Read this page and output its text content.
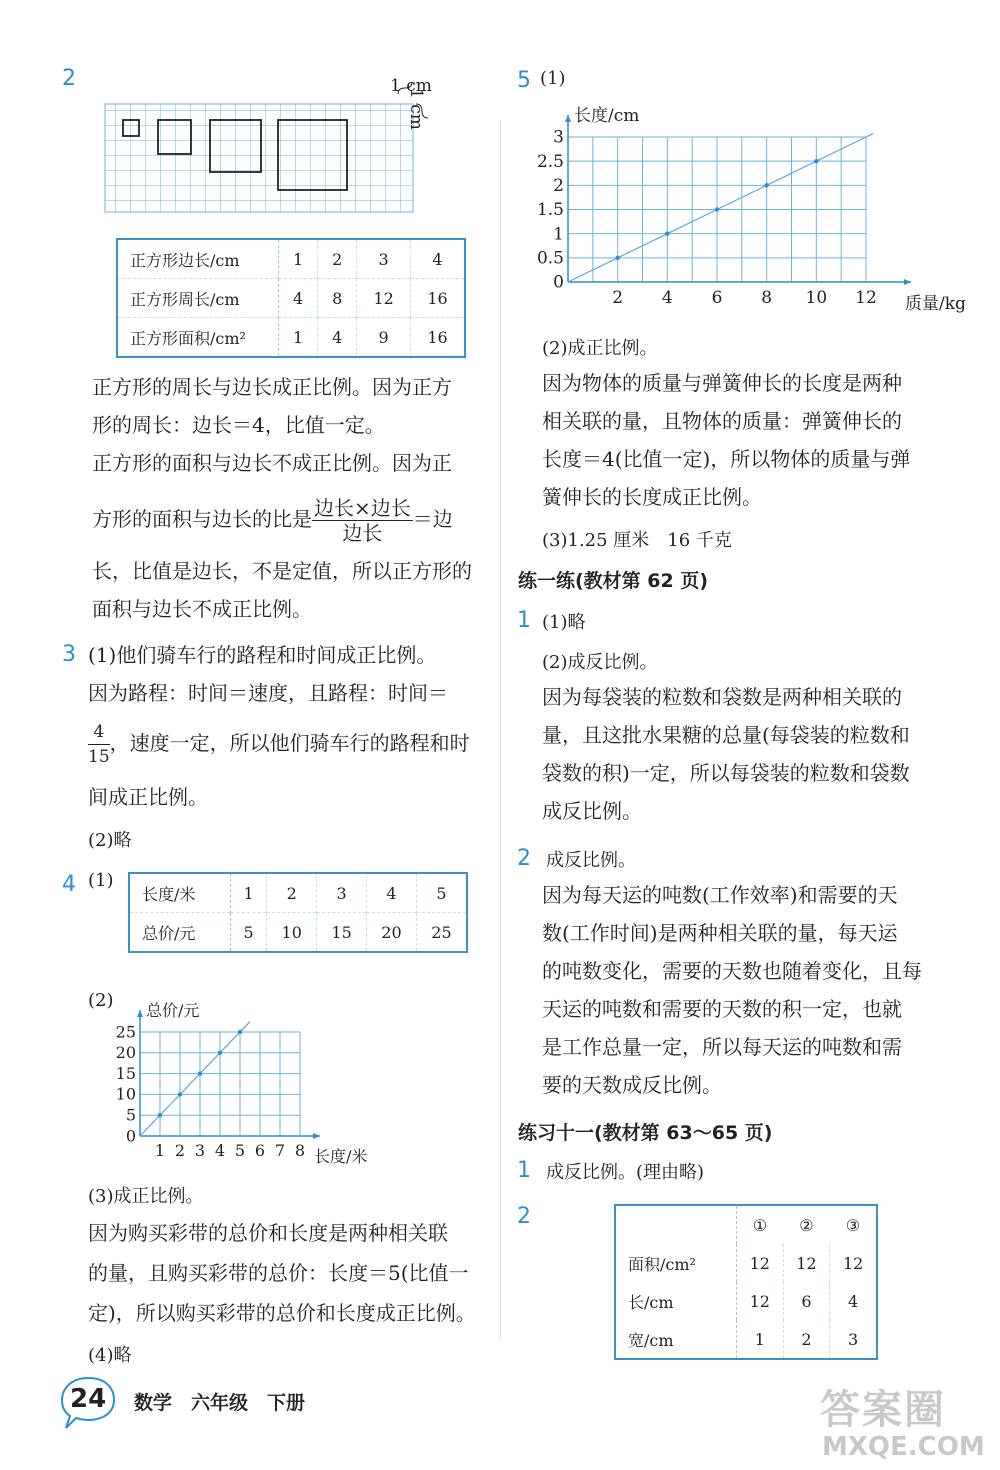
2	1 cm
1 cm
正方形边长/cm	1	2	3	4
正方形周长/cm	4	8	12	16
正方形面积/cm²	1	4	9	16
正方形的周长与边长成正比例。因为正方
形的周长：边长＝4，比值一定。
正方形的面积与边长不成正比例。因为正
方形的面积与边长的比是 $\frac{\text{边长×边长}}{\text{边长}}$ ＝边
长，比值是边长，不是定值，所以正方形的
面积与边长不成正比例。
3 (1)他们骑车行的路程和时间成正比例。
因为路程：时间＝速度，且路程：时间＝
$\frac{4}{15}$ ，速度一定，所以他们骑车行的路程和时
间成正比例。
(2)略
4 (1)
长度/米	1	2	3	4	5
总价/元	5	10	15	20	25
(2)
1 2 3 4 5 6 7 8
0
5
10
15
20
25
长度/米
总价/元
(3)成正比例。
因为购买彩带的总价和长度是两种相关联
的量，且购买彩带的总价：长度＝5(比值一
定)，所以购买彩带的总价和长度成正比例。
(4)略
5 (1)
2 4 6 8 10 12
0
0.5
1
1.5
2
2.5
3
质量/kg
长度/cm
(2)成正比例。
因为物体的质量与弹簧伸长的长度是两种
相关联的量，且物体的质量：弹簧伸长的
长度＝4(比值一定)，所以物体的质量与弹
簧伸长的长度成正比例。
(3)1.25 厘米　16 千克
练一练(教材第 62 页)
1 (1)略
(2)成反比例。
因为每袋装的粒数和袋数是两种相关联的
量，且这批水果糖的总量(每袋装的粒数和
袋数的积)一定，所以每袋装的粒数和袋数
成反比例。
2 成反比例。
因为每天运的吨数(工作效率)和需要的天
数(工作时间)是两种相关联的量，每天运
的吨数变化，需要的天数也随着变化，且每
天运的吨数和需要的天数的积一定，也就
是工作总量一定，所以每天运的吨数和需
要的天数成反比例。
练习十一(教材第 63～65 页)
1 成反比例。(理由略)
2
		①	②	③
面积/cm²	12	12	12
长/cm	12	6	4
宽/cm	1	2	3
24 数学　六年级　下册	答案圈
MXQE.COM
